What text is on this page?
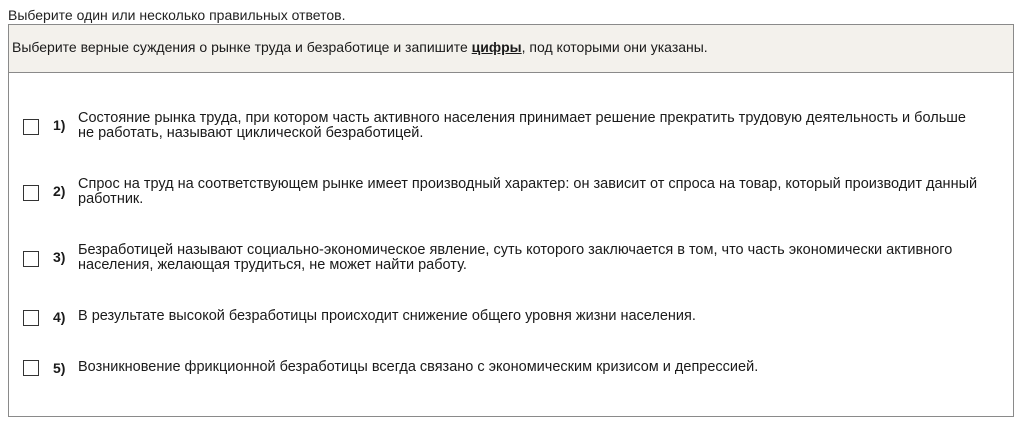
Выберите один или несколько правильных ответов.
Выберите верные суждения о рынке труда и безработице и запишите цифры, под которыми они указаны.
1) Состояние рынка труда, при котором часть активного населения принимает решение прекратить трудовую деятельность и больше не работать, называют циклической безработицей.
2) Спрос на труд на соответствующем рынке имеет производный характер: он зависит от спроса на товар, который производит данный работник.
3) Безработицей называют социально-экономическое явление, суть которого заключается в том, что часть экономически активного населения, желающая трудиться, не может найти работу.
4) В результате высокой безработицы происходит снижение общего уровня жизни населения.
5) Возникновение фрикционной безработицы всегда связано с экономическим кризисом и депрессией.
